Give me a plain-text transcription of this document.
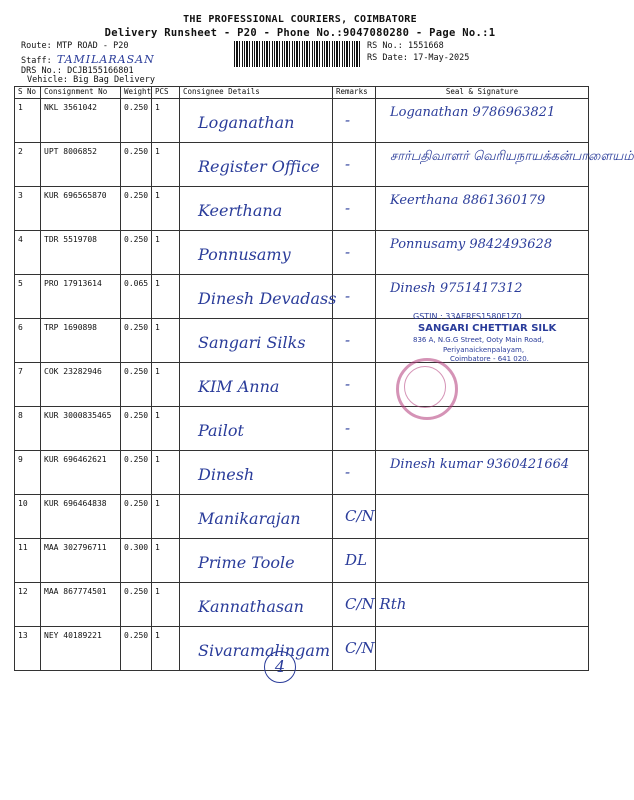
THE PROFESSIONAL COURIERS, COIMBATORE
Delivery Runsheet - P20 - Phone No.:9047080280 - Page No.:1
Route: MTP ROAD - P20
Staff: TAMILARASAN
DRS No.: DCJB155166801
Vehicle: Big Bag Delivery
RS No.: 1551668
RS Date: 17-May-2025
S No	Consignment No	Weight	PCS	Consignee Details	Remarks	Seal & Signature
1	NKL 3561042	0.250	1	Loganathan	-	Loganathan 9786963821

2	UPT 8006852	0.250	1	Register Office	-	சார்பதிவாளர் வெரியநாயக்கன்பாளையம்

3	KUR 696565870	0.250	1	Keerthana	-	Keerthana 8861360179

4	TDR 5519708	0.250	1	Ponnusamy	-	Ponnusamy 9842493628

5	PRO 17913614	0.065	1	Dinesh Devadass	-	Dinesh 9751417312

6	TRP 1690898	0.250	1	Sangari Silks	-	

7	COK 23282946	0.250	1	KIM Anna	-	

8	KUR 3000835465	0.250	1	Pailot	-	

9	KUR 696462621	0.250	1	Dinesh	-	Dinesh kumar 9360421664

10	KUR 696464838	0.250	1	Manikarajan	C/N	

11	MAA 302796711	0.300	1	Prime Toole	DL	

12	MAA 867774501	0.250	1	Kannathasan	C/N Rth	

13	NEY 40189221	0.250	1	Sivaramalingam	C/N	

GSTIN : 33AERFS1580F1Z0
SANGARI CHETTIAR SILK
836 A, N.G.G Street, Ooty Main Road,
Periyanaickenpalayam,
Coimbatore - 641 020.
4
